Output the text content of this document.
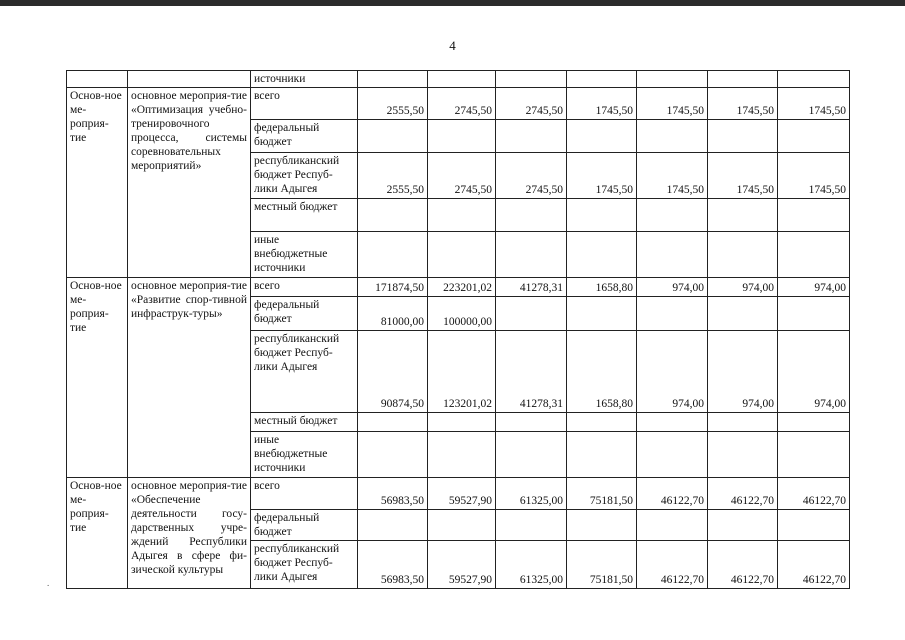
4
		источники							
Основ-ное ме-роприя-тие	основное мероприя-тие «Оптимизация учебно-тренировочного процесса, системы соревновательных мероприятий»	всего	2555,50	2745,50	2745,50	1745,50	1745,50	1745,50	1745,50
		федеральный бюджет							
		республиканский бюджет Респуб-лики Адыгея	2555,50	2745,50	2745,50	1745,50	1745,50	1745,50	1745,50
		местный бюджет							
		иные внебюджетные источники							
Основ-ное ме-роприя-тие	основное мероприя-тие «Развитие спор-тивной инфраструк-туры»	всего	171874,50	223201,02	41278,31	1658,80	974,00	974,00	974,00
		федеральный бюджет	81000,00	100000,00					
		республиканский бюджет Респуб-лики Адыгея	90874,50	123201,02	41278,31	1658,80	974,00	974,00	974,00
		местный бюджет							
		иные внебюджетные источники							
Основ-ное ме-роприя-тие	основное мероприя-тие «Обеспечение деятельности госу-дарственных учре-ждений Республики Адыгея в сфере фи-зической культуры	всего	56983,50	59527,90	61325,00	75181,50	46122,70	46122,70	46122,70
		федеральный бюджет							
		республиканский бюджет Респуб-лики Адыгея	56983,50	59527,90	61325,00	75181,50	46122,70	46122,70	46122,70
.
